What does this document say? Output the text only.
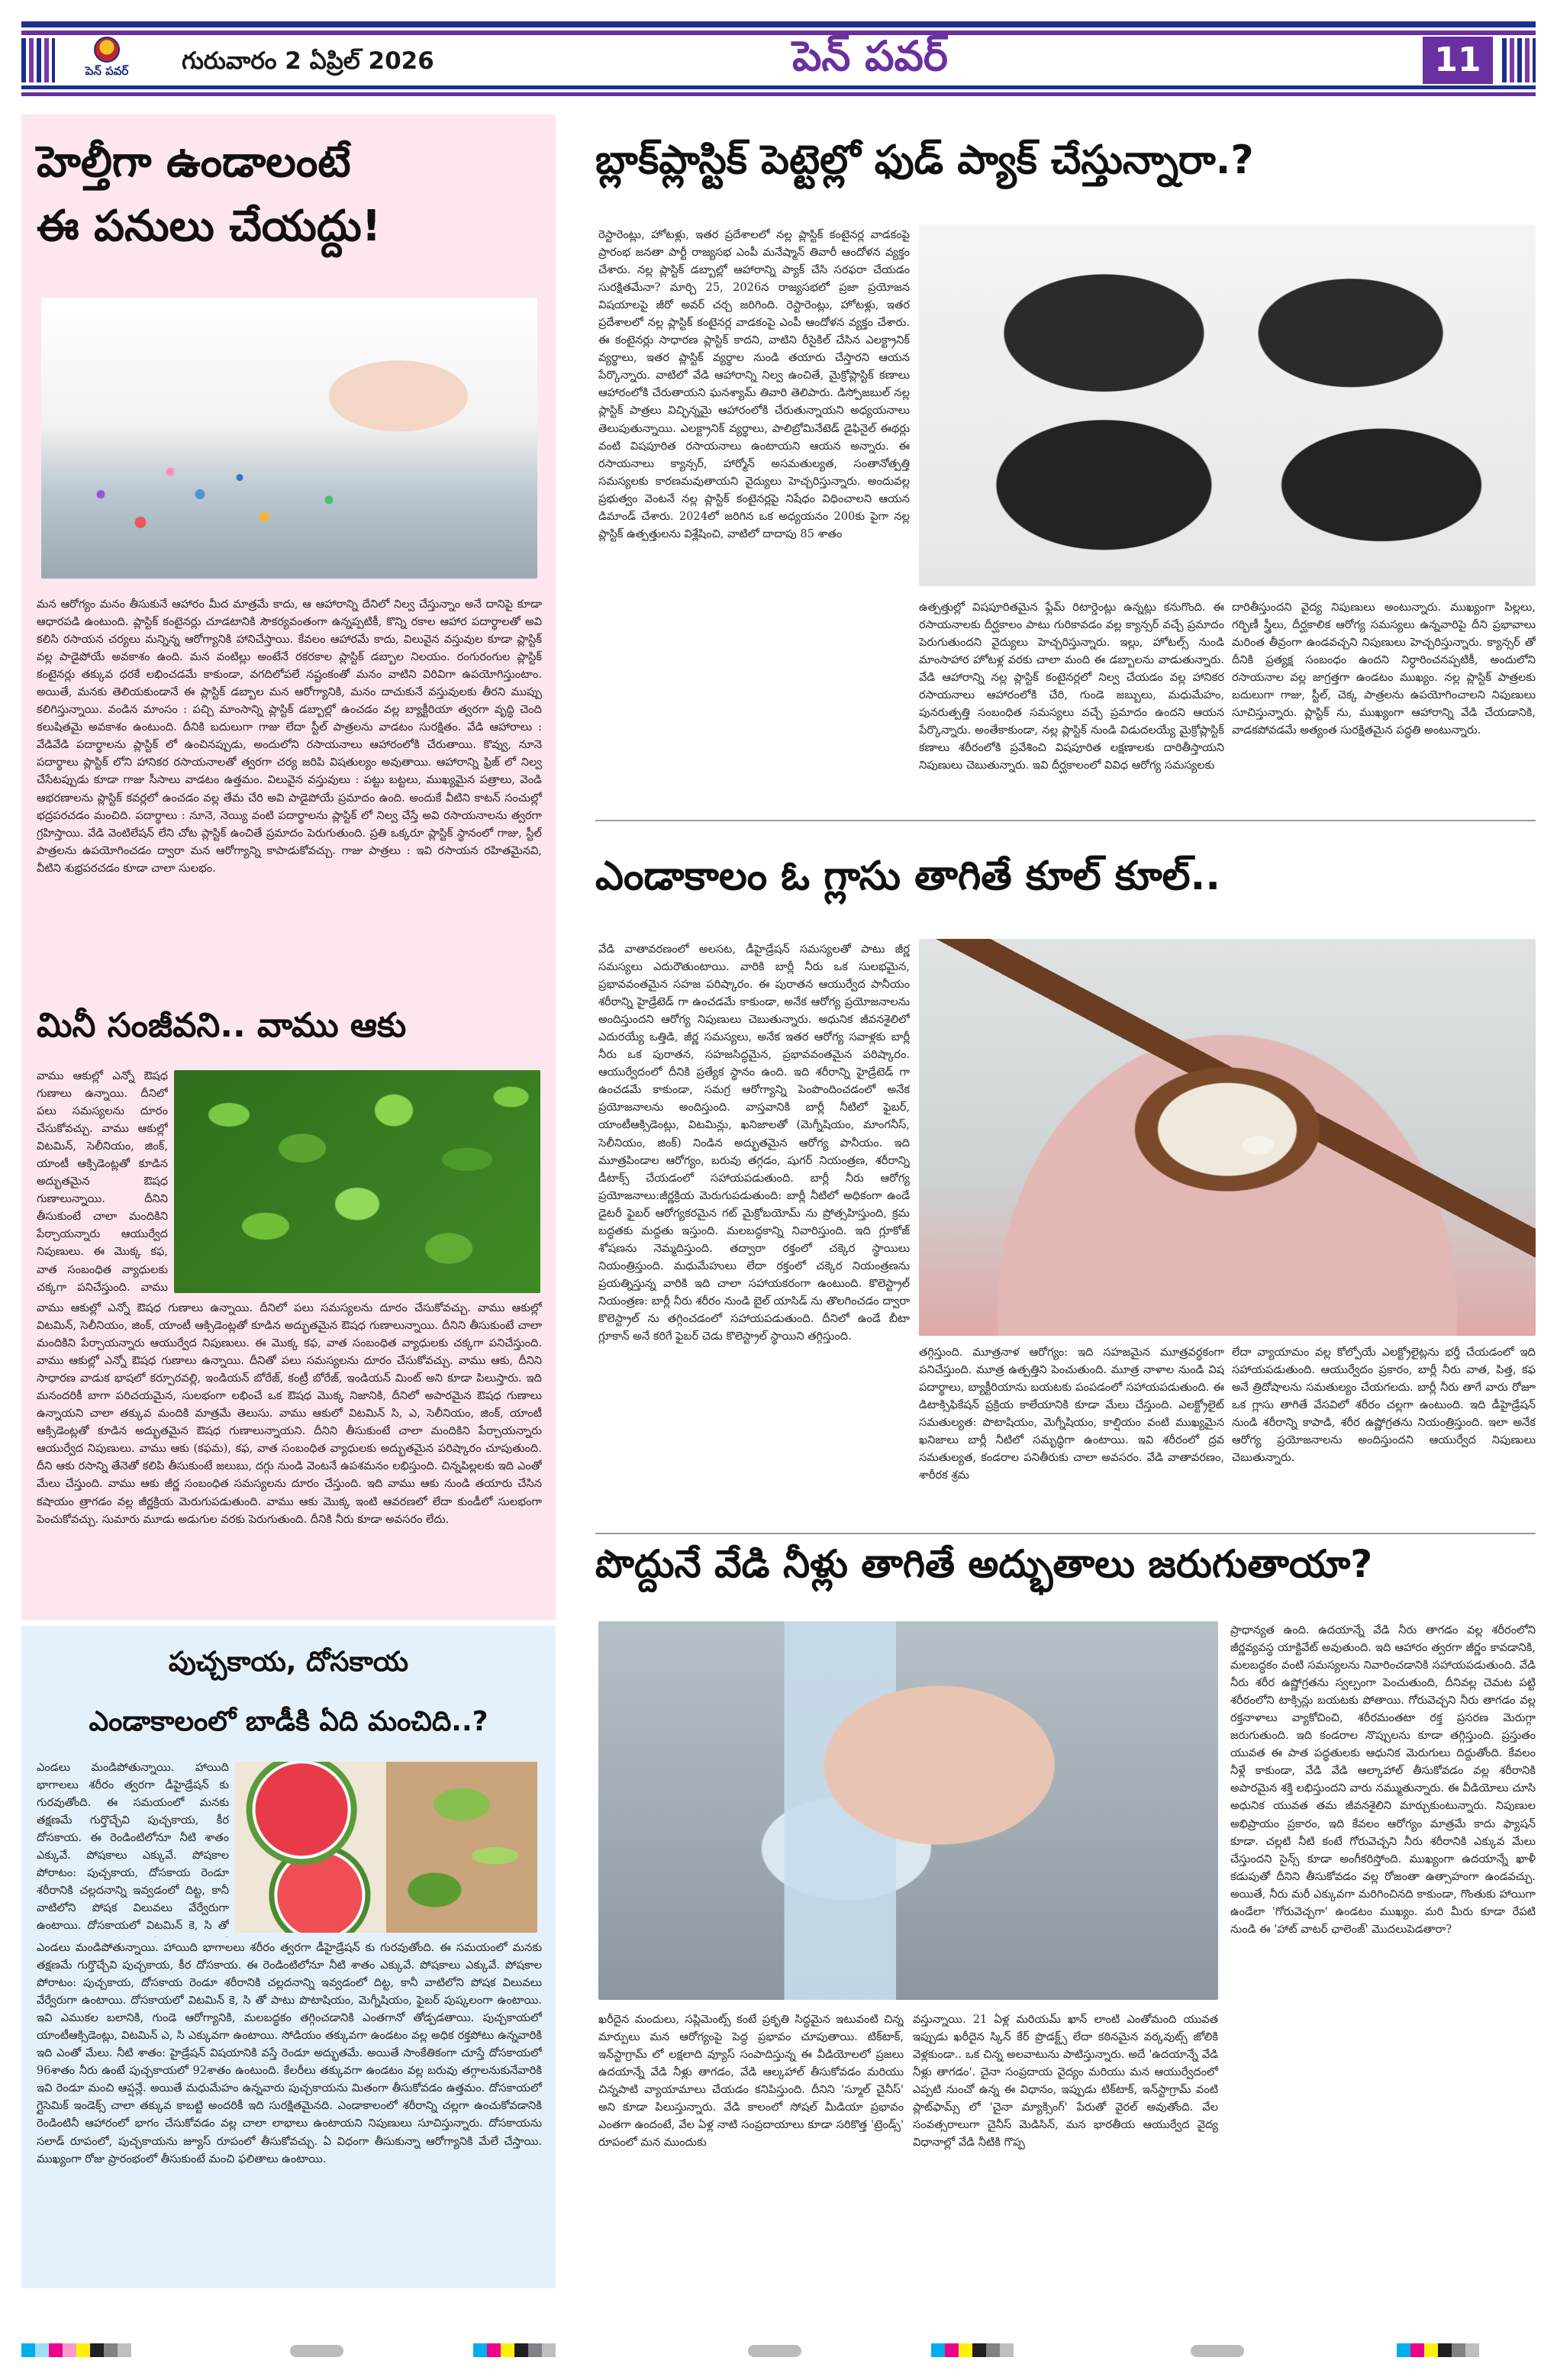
పెన్ పవర్	గురువారం 2 ఏప్రిల్ 2026	పెన్ పవర్	11
హెల్తీగా ఉండాలంటే
ఈ పనులు చేయద్దు!
మన ఆరోగ్యం మనం తీసుకునే ఆహారం మీద మాత్రమే కాదు, ఆ ఆహారాన్ని దేనిలో నిల్వ చేస్తున్నాం అనే దానిపై కూడా ఆధారపడి ఉంటుంది. ప్లాస్టిక్ కంటైనర్లు చూడటానికి సౌకర్యవంతంగా ఉన్నప్పటికీ, కొన్ని రకాల ఆహార పదార్థాలతో అవి కలిసి రసాయన చర్యలు మన్నిన్న ఆరోగ్యానికి హానిచేస్తాయి. కేవలం ఆహారమే కాదు, విలువైన వస్తువుల కూడా ప్లాస్టిక్ వల్ల పాడైపోయే అవకాశం ఉంది. మన వంటిల్లు అంటేనే రకరకాల ప్లాస్టిక్ డబ్బాల నిలయం. రంగురంగుల ప్లాస్టిక్ కంటైనర్లు తక్కువ ధరకే లభించడమే కాకుండా, వగదిలోపలే నష్టంకంతో మనం వాటిని విరివిగా ఉపయోగిస్తుంటాం. అయితే, మనకు తెలియకుండానే ఈ ప్లాస్టిక్ డబ్బాల మన ఆరోగ్యానికి, మనం దాచుకునే వస్తువులకు తీరని ముప్పు కలిగిస్తున్నాయి. వండిన మాంసం : పచ్చి మాంసాన్ని ప్లాస్టిక్ డబ్బాల్లో ఉంచడం వల్ల బ్యాక్టీరియా త్వరగా వృద్ధి చెంది కలుషితమై అవకాశం ఉంటుంది. దీనికి బదులుగా గాజు లేదా స్టీల్ పాత్రలను వాడటం సురక్షితం. వేడి ఆహారాలు : వేడివేడి పదార్థాలను ప్లాస్టిక్ లో ఉంచినప్పుడు, అందులోని రసాయనాలు ఆహారంలోకి చేరుతాయి. కొవ్వు, నూనె పదార్థాలు ప్లాస్టిక్ లోని హానికర రసాయనాలతో త్వరగా చర్య జరిపి విషతుల్యం అవుతాయి. ఆహారాన్ని ఫ్రిజ్ లో నిల్వ చేసేటప్పుడు కూడా గాజు సీసాలు వాడటం ఉత్తమం. విలువైన వస్తువులు : పట్టు బట్టలు, ముఖ్యమైన పత్రాలు, వెండి ఆభరణాలను ప్లాస్టిక్ కవర్లలో ఉంచడం వల్ల తేమ చేరి అవి పాడైపోయే ప్రమాదం ఉంది. అందుకే వీటిని కాటన్ సంచుల్లో భద్రపరచడం మంచిది. పదార్థాలు : నూనె, నెయ్యి వంటి పదార్థాలను ప్లాస్టిక్ లో నిల్వ చేస్తే అవి రసాయనాలను త్వరగా గ్రహిస్తాయి. వేడి వెంటిలేషన్ లేని చోట ప్లాస్టిక్ ఉంచితే ప్రమాదం పెరుగుతుంది. ప్రతి ఒక్కరూ ప్లాస్టిక్ స్థానంలో గాజు, స్టీల్ పాత్రలను ఉపయోగించడం ద్వారా మన ఆరోగ్యాన్ని కాపాడుకోవచ్చు. గాజు పాత్రలు : ఇవి రసాయన రహితమైనవి, వీటిని శుభ్రపరచడం కూడా చాలా సులభం.
మినీ సంజీవని.. వాము ఆకు
వాము ఆకుల్లో ఎన్నో ఔషధ గుణాలు ఉన్నాయి. దీనిలో పలు సమస్యలను దూరం చేసుకోవచ్చు. వాము ఆకుల్లో విటమిన్, సెలీనియం, జింక్, యాంటీ ఆక్సిడెంట్లతో కూడిన అద్భుతమైన ఔషధ గుణాలున్నాయి. దీనిని తీసుకుంటే చాలా మందికిని పేర్చాయన్నారు ఆయుర్వేద నిపుణులు. ఈ మొక్క కఫ, వాత సంబంధిత వ్యాధులకు చక్కగా పనిచేస్తుంది. వాము
వాము ఆకుల్లో ఎన్నో ఔషధ గుణాలు ఉన్నాయి. దీనిలో పలు సమస్యలను దూరం చేసుకోవచ్చు. వాము ఆకుల్లో విటమిన్, సెలీనియం, జింక్, యాంటీ ఆక్సిడెంట్లతో కూడిన అద్భుతమైన ఔషధ గుణాలున్నాయి. దీనిని తీసుకుంటే చాలా మందికిని పేర్చాయన్నారు ఆయుర్వేద నిపుణులు. ఈ మొక్క కఫ, వాత సంబంధిత వ్యాధులకు చక్కగా పనిచేస్తుంది. వాము ఆకుల్లో ఎన్నో ఔషధ గుణాలు ఉన్నాయి. దీనితో పలు సమస్యలను దూరం చేసుకోవచ్చు. వాము ఆకు, దీనిని సాధారణ వాడుక భాషలో కర్పూరవల్లి, ఇండియన్ బోరేజ్, కంట్రీ బోరేజ్, ఇండియన్ మింట్ అని కూడా పిలుస్తారు. ఇది మనందరికీ బాగా పరిచయమైన, సులభంగా లభించే ఒక ఔషధ మొక్క నిజానికి, దీనిలో అపారమైన ఔషధ గుణాలు ఉన్నాయని చాలా తక్కువ మందికి మాత్రమే తెలుసు. వాము ఆకులో విటమిన్ సి, ఎ, సెలీనియం, జింక్, యాంటీ ఆక్సిడెంట్లతో కూడిన అద్భుతమైన ఔషధ గుణాలున్నాయని. దీనిని తీసుకుంటే చాలా మందికిని పేర్చాయన్నారు ఆయుర్వేద నిపుణులు. వాము ఆకు (కఫమ), కఫ, వాత సంబంధిత వ్యాధులకు అద్భుతమైన పరిష్కారం చూపుతుంది. దీని ఆకు రసాన్ని తేనెతో కలిపి తీసుకుంటే జలుబు, దగ్గు నుండి వెంటనే ఉపశమనం లభిస్తుంది. చిన్నపిల్లలకు ఇది ఎంతో మేలు చేస్తుంది. వాము ఆకు జీర్ణ సంబంధిత సమస్యలను దూరం చేస్తుంది. ఇది వాము ఆకు నుండి తయారు చేసిన కషాయం త్రాగడం వల్ల జీర్ణక్రియ మెరుగుపడుతుంది. వాము ఆకు మొక్క ఇంటి ఆవరణలో లేదా కుండీలో సులభంగా పెంచుకోవచ్చు. సుమారు మూడు అడుగుల వరకు పెరుగుతుంది. దీనికి నీరు కూడా అవసరం లేదు.
పుచ్చకాయ, దోసకాయ
ఎండాకాలంలో బాడీకి ఏది మంచిది..?
ఎండలు మండిపోతున్నాయి. హాయిది భాగాలలు శరీరం త్వరగా డీహైడ్రేషన్ కు గురవుతోంది. ఈ సమయంలో మనకు తక్షణమే గుర్తొచ్చేవి పుచ్చకాయ, కీర దోసకాయ. ఈ రెండింటిలోనూ నీటి శాతం ఎక్కువే. పోషకాలు ఎక్కువే. పోషకాల పోరాటం: పుచ్చకాయ, దోసకాయ రెండూ శరీరానికి చల్లదనాన్ని ఇవ్వడంలో దిట్ట, కానీ వాటిలోని పోషక విలువలు వేర్వేరుగా ఉంటాయి. దోసకాయలో విటమిన్ కె, సి తో
ఎండలు మండిపోతున్నాయి. హాయిది భాగాలలు శరీరం త్వరగా డీహైడ్రేషన్ కు గురవుతోంది. ఈ సమయంలో మనకు తక్షణమే గుర్తొచ్చేవి పుచ్చకాయ, కీర దోసకాయ. ఈ రెండింటిలోనూ నీటి శాతం ఎక్కువే. పోషకాలు ఎక్కువే. పోషకాల పోరాటం: పుచ్చకాయ, దోసకాయ రెండూ శరీరానికి చల్లదనాన్ని ఇవ్వడంలో దిట్ట, కానీ వాటిలోని పోషక విలువలు వేర్వేరుగా ఉంటాయి. దోసకాయలో విటమిన్ కె, సి తో పాటు పొటాషియం, మెగ్నీషియం, ఫైబర్ పుష్కలంగా ఉంటాయి. ఇవి ఎముకల బలానికి, గుండె ఆరోగ్యానికి, మలబద్ధకం తగ్గించడానికి ఎంతగానో తోడ్పడతాయి. పుచ్చకాయలో యాంటీఆక్సిడెంట్లు, విటమిన్ ఎ, సి ఎక్కువగా ఉంటాయి. సోడియం తక్కువగా ఉండటం వల్ల అధిక రక్తపోటు ఉన్నవారికి ఇది ఎంతో మేలు. నీటి శాతం: హైడ్రేషన్ విషయానికి వస్తే రెండూ అద్భుతమే. అయితే సాంకేతికంగా చూస్తే దోసకాయలో 96శాతం నీరు ఉంటే పుచ్చకాయలో 92శాతం ఉంటుంది. కేలరీలు తక్కువగా ఉండటం వల్ల బరువు తగ్గాలనుకునేవారికి ఇవి రెండూ మంచి ఆప్షన్లే. అయితే మధుమేహం ఉన్నవారు పుచ్చకాయను మితంగా తీసుకోవడం ఉత్తమం. దోసకాయలో గ్లైసెమిక్ ఇండెక్స్ చాలా తక్కువ కాబట్టి అందరికీ ఇది సురక్షితమైనది. ఎండాకాలంలో శరీరాన్ని చల్లగా ఉంచుకోవడానికి రెండింటినీ ఆహారంలో భాగం చేసుకోవడం వల్ల చాలా లాభాలు ఉంటాయని నిపుణులు సూచిస్తున్నారు. దోసకాయను సలాడ్ రూపంలో, పుచ్చకాయను జ్యూస్ రూపంలో తీసుకోవచ్చు. ఏ విధంగా తీసుకున్నా ఆరోగ్యానికి మేలే చేస్తాయి. ముఖ్యంగా రోజు ప్రారంభంలో తీసుకుంటే మంచి ఫలితాలు ఉంటాయి.
బ్లాక్‌ప్లాస్టిక్ పెట్టెల్లో ఫుడ్ ప్యాక్ చేస్తున్నారా.?
రెస్టారెంట్లు, హోటళ్లు, ఇతర ప్రదేశాలలో నల్ల ప్లాస్టిక్ కంటైనర్ల వాడకంపై ప్రారంభ జనతా పార్టీ రాజ్యసభ ఎంపీ మనేష్మాన్ తివారీ ఆందోళన వ్యక్తం చేశారు. నల్ల ప్లాస్టిక్ డబ్బాల్లో ఆహారాన్ని ప్యాక్ చేసి సరఫరా చేయడం సురక్షితమేనా? మార్చి 25, 2026న రాజ్యసభలో ప్రజా ప్రయోజన విషయాలపై జీరో అవర్ చర్చ జరిగింది. రెస్టారెంట్లు, హోటళ్లు, ఇతర ప్రదేశాలలో నల్ల ప్లాస్టిక్ కంటైనర్ల వాడకంపై ఎంపీ ఆందోళన వ్యక్తం చేశారు. ఈ కంటైనర్లు సాధారణ ప్లాస్టిక్ కాదని, వాటిని రీసైకిల్ చేసిన ఎలక్ట్రానిక్ వ్యర్థాలు, ఇతర ప్లాస్టిక్ వ్యర్థాల నుండి తయారు చేస్తారని ఆయన పేర్కొన్నారు. వాటిలో వేడి ఆహారాన్ని నిల్వ ఉంచితే, మైక్రోప్లాస్టిక్ కణాలు ఆహారంలోకి చేరుతాయని ఘనశ్యామ్ తివారి తెలిపారు. డిస్పోజబుల్ నల్ల ప్లాస్టిక్ పాత్రలు విచ్ఛిన్నమై ఆహారంలోకి చేరుతున్నాయని అధ్యయనాలు తెలుపుతున్నాయి. ఎలక్ట్రానిక్ వ్యర్థాలు, పాలిబ్రోమినేటెడ్ డైఫినైల్ ఈథర్లు వంటి విషపూరిత రసాయనాలు ఉంటాయని ఆయన అన్నారు. ఈ రసాయనాలు క్యాన్సర్, హార్మోన్ అసమతుల్యత, సంతానోత్పత్తి సమస్యలకు కారణమవుతాయని వైద్యులు హెచ్చరిస్తున్నారు. అందువల్ల ప్రభుత్వం వెంటనే నల్ల ప్లాస్టిక్ కంటైనర్లపై నిషేధం విధించాలని ఆయన డిమాండ్ చేశారు. 2024లో జరిగిన ఒక అధ్యయనం 200కు పైగా నల్ల ప్లాస్టిక్ ఉత్పత్తులను విశ్లేషించి, వాటిలో దాదాపు 85 శాతం
ఉత్పత్తుల్లో విషపూరితమైన ఫ్లేమ్ రిటార్డెంట్లు ఉన్నట్లు కనుగొంది. ఈ రసాయనాలకు దీర్ఘకాలం పాటు గురికావడం వల్ల క్యాన్సర్ వచ్చే ప్రమాదం పెరుగుతుందని వైద్యులు హెచ్చరిస్తున్నారు. ఇల్లు, హోటల్స్ నుండి మాంసాహార హోటళ్ల వరకు చాలా మంది ఈ డబ్బాలను వాడుతున్నారు. వేడి ఆహారాన్ని నల్ల ప్లాస్టిక్ కంటైనర్లలో నిల్వ చేయడం వల్ల హానికర రసాయనాలు ఆహారంలోకి చేరి, గుండె జబ్బులు, మధుమేహం, పునరుత్పత్తి సంబంధిత సమస్యలు వచ్చే ప్రమాదం ఉందని ఆయన పేర్కొన్నారు. అంతేకాకుండా, నల్ల ప్లాస్టిక్ నుండి విడుదలయ్యే మైక్రోప్లాస్టిక్ కణాలు శరీరంలోకి ప్రవేశించి విషపూరిత లక్షణాలకు దారితీస్తాయని నిపుణులు చెబుతున్నారు. ఇవి దీర్ఘకాలంలో వివిధ ఆరోగ్య సమస్యలకు
దారితీస్తుందని వైద్య నిపుణులు అంటున్నారు. ముఖ్యంగా పిల్లలు, గర్భిణీ స్త్రీలు, దీర్ఘకాలిక ఆరోగ్య సమస్యలు ఉన్నవారిపై దీని ప్రభావాలు మరింత తీవ్రంగా ఉండవచ్చని నిపుణులు హెచ్చరిస్తున్నారు. క్యాన్సర్ తో దీనికి ప్రత్యక్ష సంబంధం ఉందని నిర్ధారించనప్పటికీ, అందులోని రసాయనాల వల్ల జాగ్రత్తగా ఉండటం ముఖ్యం. నల్ల ప్లాస్టిక్ పాత్రలకు బదులుగా గాజు, స్టీల్, చెక్క పాత్రలను ఉపయోగించాలని నిపుణులు సూచిస్తున్నారు. ప్లాస్టిక్ ను, ముఖ్యంగా ఆహారాన్ని వేడి చేయడానికి, వాడకపోవడమే అత్యంత సురక్షితమైన పద్ధతి అంటున్నారు.
ఎండాకాలం ఓ గ్లాసు తాగితే కూల్ కూల్..
వేడి వాతావరణంలో అలసట, డీహైడ్రేషన్ సమస్యలతో పాటు జీర్ణ సమస్యలు ఎదురౌతుంటాయి. వారికి బార్లీ నీరు ఒక సులభమైన, ప్రభావవంతమైన సహజ పరిష్కారం. ఈ పురాతన ఆయుర్వేద పానీయం శరీరాన్ని హైడ్రేటెడ్ గా ఉంచడమే కాకుండా, అనేక ఆరోగ్య ప్రయోజనాలను అందిస్తుందని ఆరోగ్య నిపుణులు చెబుతున్నారు. అధునిక జీవనశైలిలో ఎదురయ్యే ఒత్తిడి, జీర్ణ సమస్యలు, అనేక ఇతర ఆరోగ్య సవాళ్లకు బార్లీ నీరు ఒక పురాతన, సహజసిద్ధమైన, ప్రభావవంతమైన పరిష్కారం. ఆయుర్వేదంలో దీనికి ప్రత్యేక స్థానం ఉంది. ఇది శరీరాన్ని హైడ్రేటెడ్ గా ఉంచడమే కాకుండా, సమగ్ర ఆరోగ్యాన్ని పెంపొందించడంలో అనేక ప్రయోజనాలను అందిస్తుంది. వాస్తవానికి బార్లీ నీటిలో ఫైబర్, యాంటీఆక్సిడెంట్లు, విటమిన్లు, ఖనిజాలతో (మెగ్నీషియం, మాంగనీస్, సెలీనియం, జింక్) నిండిన అద్భుతమైన ఆరోగ్య పానీయం. ఇది మూత్రపిండాల ఆరోగ్యం, బరువు తగ్గడం, షుగర్ నియంత్రణ, శరీరాన్ని డీటాక్స్ చేయడంలో సహాయపడుతుంది. బార్లీ నీరు ఆరోగ్య ప్రయోజనాలు:జీర్ణక్రియ మెరుగుపడుతుంది: బార్లీ నీటిలో అధికంగా ఉండే డైటరీ ఫైబర్ ఆరోగ్యకరమైన గట్ మైక్రోబయోమ్ ను ప్రోత్సహిస్తుంది, క్రమ బద్ధతకు మద్దతు ఇస్తుంది. మలబద్ధకాన్ని నివారిస్తుంది. ఇది గ్లూకోజ్ శోషణను నెమ్మదిస్తుంది. తద్వారా రక్తంలో చక్కెర స్థాయిలు నియంత్రిస్తుంది. మధుమేహులు లేదా రక్తంలో చక్కెర నియంత్రణను ప్రయత్నిస్తున్న వారికి ఇది చాలా సహాయకరంగా ఉంటుంది. కొలెస్ట్రాల్ నియంత్రణ: బార్లీ నీరు శరీరం నుండి బైల్ యాసిడ్ ను తొలగించడం ద్వారా కొలెస్ట్రాల్ ను తగ్గించడంలో సహాయపడుతుంది. దీనిలో ఉండే బీటా గ్లూకాన్ అనే కరిగే ఫైబర్ చెడు కొలెస్ట్రాల్ స్థాయిని తగ్గిస్తుంది.
తగ్గిస్తుంది. మూత్రనాళ ఆరోగ్యం: ఇది సహజమైన మూత్రవర్ధకంగా పనిచేస్తుంది. మూత్ర ఉత్పత్తిని పెంచుతుంది. మూత్ర నాళాల నుండి విష పదార్థాలు, బ్యాక్టీరియాను బయటకు పంపడంలో సహాయపడుతుంది. ఈ డిటాక్సిఫికేషన్ ప్రక్రియ కాలేయానికి కూడా మేలు చేస్తుంది. ఎలక్ట్రోలైట్ సమతుల్యత: పొటాషియం, మెగ్నీషియం, కాల్షియం వంటి ముఖ్యమైన ఖనిజాలు బార్లీ నీటిలో సమృద్ధిగా ఉంటాయి. ఇవి శరీరంలో ద్రవ సమతుల్యత, కండరాల పనితీరుకు చాలా అవసరం. వేడి వాతావరణం, శారీరక శ్రమ
లేదా వ్యాయామం వల్ల కోల్పోయే ఎలక్ట్రోలైట్లను భర్తీ చేయడంలో ఇది సహాయపడుతుంది. ఆయుర్వేదం ప్రకారం, బార్లీ నీరు వాత, పిత్త, కఫ అనే త్రిదోషాలను సమతుల్యం చేయగలదు. బార్లీ నీరు తాగే వారు రోజూ ఒక గ్లాసు తాగితే వేసవిలో శరీరం చల్లగా ఉంటుంది. ఇది డీహైడ్రేషన్ నుండి శరీరాన్ని కాపాడి, శరీర ఉష్ణోగ్రతను నియంత్రిస్తుంది. ఇలా అనేక ఆరోగ్య ప్రయోజనాలను అందిస్తుందని ఆయుర్వేద నిపుణులు చెబుతున్నారు.
పొద్దునే వేడి నీళ్లు తాగితే అద్భుతాలు జరుగుతాయా?
ప్రాధాన్యత ఉంది. ఉదయాన్నే వేడి నీరు తాగడం వల్ల శరీరంలోని జీర్ణవ్యవస్థ యాక్టివేట్ అవుతుంది. ఇది ఆహారం త్వరగా జీర్ణం కావడానికి, మలబద్ధకం వంటి సమస్యలను నివారించడానికి సహాయపడుతుంది. వేడి నీరు శరీర ఉష్ణోగ్రతను స్వల్పంగా పెంచుతుంది, దీనివల్ల చెమట పట్టి శరీరంలోని టాక్సిన్లు బయటకు పోతాయి. గోరువెచ్చని నీరు తాగడం వల్ల రక్తనాళాలు వ్యాకోచించి, శరీరమంతటా రక్త ప్రసరణ మెరుగ్గా జరుగుతుంది. ఇది కండరాల నొప్పులను కూడా తగ్గిస్తుంది. ప్రస్తుతం యువత ఈ పాత పద్ధతులకు ఆధునిక మెరుగులు దిద్దుతోంది. కేవలం నీళ్లే కాకుండా, వేడి వేడి ఆల్కాహాల్ తీసుకోవడం వల్ల శరీరానికి అపారమైన శక్తి లభిస్తుందని వారు నమ్ముతున్నారు. ఈ వీడియోలు చూసి అధునిక యువత తమ జీవనశైలిని మార్చుకుంటున్నారు. నిపుణుల అభిప్రాయం ప్రకారం, ఇది కేవలం ఆరోగ్యం మాత్రమే కాదు ఫ్యాషన్ కూడా. చల్లటి నీటి కంటే గోరువెచ్చని నీరు శరీరానికి ఎక్కువ మేలు చేస్తుందని సైన్స్ కూడా అంగీకరిస్తోంది. ముఖ్యంగా ఉదయాన్నే ఖాళీ కడుపుతో దీనిని తీసుకోవడం వల్ల రోజంతా ఉత్సాహంగా ఉండవచ్చు. అయితే, నీరు మరీ ఎక్కువగా మరిగించినది కాకుండా, గొంతుకు హాయిగా ఉండేలా 'గోరువెచ్చగా' ఉండటం ముఖ్యం. మరి మీరు కూడా రేపటి నుండి ఈ 'హాట్ వాటర్ ఛాలెంజ్' మొదలుపెడతారా?
ఖరీదైన మందులు, సప్లిమెంట్స్ కంటే ప్రకృతి సిద్ధమైన ఇటువంటి చిన్న మార్పులు మన ఆరోగ్యంపై పెద్ద ప్రభావం చూపుతాయి. టిక్‌టాక్, ఇన్‌స్టాగ్రామ్ లో లక్షలాది వ్యూస్ సంపాదిస్తున్న ఈ వీడియోలలో ప్రజలు ఉదయాన్నే వేడి నీళ్లు తాగడం, వేడి ఆల్కహాల్ తీసుకోవడం మరియు చిన్నపాటి వ్యాయామాలు చేయడం కనిపిస్తుంది. దీనిని 'స్మూల్ చైనీస్' అని కూడా పిలుస్తున్నారు. వేడి కాలంలో సోషల్ మీడియా ప్రభావం ఎంతగా ఉందంటే, వేల ఏళ్ల నాటి సంప్రదాయాలు కూడా సరికొత్త 'ట్రెండ్స్' రూపంలో మన ముందుకు
వస్తున్నాయి. 21 ఏళ్ల మరియమ్ ఖాన్ లాంటి ఎంతోమంది యువత ఇప్పుడు ఖరీదైన స్కిన్ కేర్ ప్రొడక్ట్స్ లేదా కఠినమైన వర్కవుట్స్ జోలికి వెళ్లకుండా.. ఒక చిన్న అలవాటును పాటిస్తున్నారు. అదే 'ఉదయాన్నే వేడి నీళ్లు తాగడం'. చైనా సంప్రదాయ వైద్యం మరియు మన ఆయుర్వేదంలో ఎప్పటి నుంచో ఉన్న ఈ విధానం, ఇప్పుడు టిక్‌టాక్, ఇన్‌స్టాగ్రామ్ వంటి ప్లాట్‌ఫామ్స్ లో 'చైనా మ్యాక్సింగ్' పేరుతో వైరల్ అవుతోంది. వేల సంవత్సరాలుగా చైనీస్ మెడిసిన్, మన భారతీయ ఆయుర్వేద వైద్య విధానాల్లో వేడి నీటికి గొప్ప
